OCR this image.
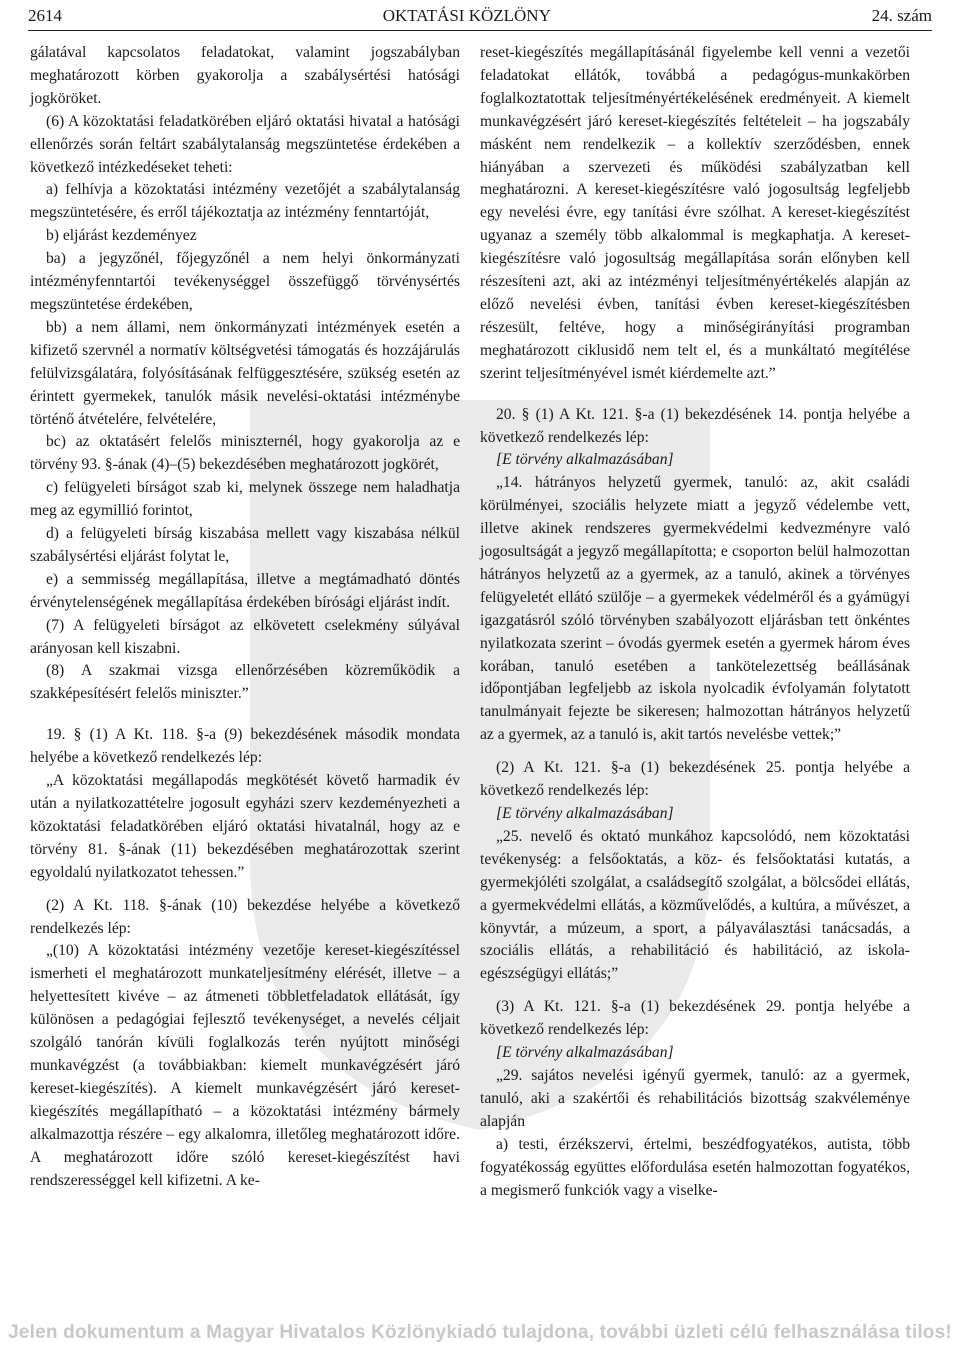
2614	OKTATÁSI KÖZLÖNY	24. szám

gálatával kapcsolatos feladatokat, valamint jogszabályban meghatározott körben gyakorolja a szabálysértési hatósági jogköröket.

(6) A közoktatási feladatkörében eljáró oktatási hivatal a hatósági ellenőrzés során feltárt szabálytalanság megszüntetése érdekében a következő intézkedéseket teheti:

a) felhívja a közoktatási intézmény vezetőjét a szabálytalanság megszüntetésére, és erről tájékoztatja az intézmény fenntartóját,

b) eljárást kezdeményez

ba) a jegyzőnél, főjegyzőnél a nem helyi önkormányzati intézményfenntartói tevékenységgel összefüggő törvénysértés megszüntetése érdekében,

bb) a nem állami, nem önkormányzati intézmények esetén a kifizető szervnél a normatív költségvetési támogatás és hozzájárulás felülvizsgálatára, folyósításának felfüggesztésére, szükség esetén az érintett gyermekek, tanulók másik nevelési-oktatási intézménybe történő átvételére, felvételére,

bc) az oktatásért felelős miniszternél, hogy gyakorolja az e törvény 93. §-ának (4)–(5) bekezdésében meghatározott jogkörét,

c) felügyeleti bírságot szab ki, melynek összege nem haladhatja meg az egymillió forintot,

d) a felügyeleti bírság kiszabása mellett vagy kiszabása nélkül szabálysértési eljárást folytat le,

e) a semmisség megállapítása, illetve a megtámadható döntés érvénytelenségének megállapítása érdekében bírósági eljárást indít.

(7) A felügyeleti bírságot az elkövetett cselekmény súlyával arányosan kell kiszabni.

(8) A szakmai vizsga ellenőrzésében közreműködik a szakképesítésért felelős miniszter.”

19. § (1) A Kt. 118. §-a (9) bekezdésének második mondata helyébe a következő rendelkezés lép:

„A közoktatási megállapodás megkötését követő harmadik év után a nyilatkozattételre jogosult egyházi szerv kezdeményezheti a közoktatási feladatkörében eljáró oktatási hivatalnál, hogy az e törvény 81. §-ának (11) bekezdésében meghatározottak szerint egyoldalú nyilatkozatot tehessen.”

(2) A Kt. 118. §-ának (10) bekezdése helyébe a következő rendelkezés lép:

„(10) A közoktatási intézmény vezetője kereset-kiegészítéssel ismerheti el meghatározott munkateljesítmény elérését, illetve – a helyettesített kivéve – az átmeneti többletfeladatok ellátását, így különösen a pedagógiai fejlesztő tevékenységet, a nevelés céljait szolgáló tanórán kívüli foglalkozás terén nyújtott minőségi munkavégzést (a továbbiakban: kiemelt munkavégzésért járó kereset-kiegészítés). A kiemelt munkavégzésért járó kereset-kiegészítés megállapítható – a közoktatási intézmény bármely alkalmazottja részére – egy alkalomra, illetőleg meghatározott időre. A meghatározott időre szóló kereset-kiegészítést havi rendszerességgel kell kifizetni. A ke-

reset-kiegészítés megállapításánál figyelembe kell venni a vezetői feladatokat ellátók, továbbá a pedagógus-munkakörben foglalkoztatottak teljesítményértékelésének eredményeit. A kiemelt munkavégzésért járó kereset-kiegészítés feltételeit – ha jogszabály másként nem rendelkezik – a kollektív szerződésben, ennek hiányában a szervezeti és működési szabályzatban kell meghatározni. A kereset-kiegészítésre való jogosultság legfeljebb egy nevelési évre, egy tanítási évre szólhat. A kereset-kiegészítést ugyanaz a személy több alkalommal is megkaphatja. A kereset-kiegészítésre való jogosultság megállapítása során előnyben kell részesíteni azt, aki az intézményi teljesítményértékelés alapján az előző nevelési évben, tanítási évben kereset-kiegészítésben részesült, feltéve, hogy a minőségirányítási programban meghatározott ciklusidő nem telt el, és a munkáltató megítélése szerint teljesítményével ismét kiérdemelte azt.”

20. § (1) A Kt. 121. §-a (1) bekezdésének 14. pontja helyébe a következő rendelkezés lép:

[E törvény alkalmazásában]

„14. hátrányos helyzetű gyermek, tanuló: az, akit családi körülményei, szociális helyzete miatt a jegyző védelembe vett, illetve akinek rendszeres gyermekvédelmi kedvezményre való jogosultságát a jegyző megállapította; e csoporton belül halmozottan hátrányos helyzetű az a gyermek, az a tanuló, akinek a törvényes felügyeletét ellátó szülője – a gyermekek védelméről és a gyámügyi igazgatásról szóló törvényben szabályozott eljárásban tett önkéntes nyilatkozata szerint – óvodás gyermek esetén a gyermek három éves korában, tanuló esetében a tankötelezettség beállásának időpontjában legfeljebb az iskola nyolcadik évfolyamán folytatott tanulmányait fejezte be sikeresen; halmozottan hátrányos helyzetű az a gyermek, az a tanuló is, akit tartós nevelésbe vettek;”

(2) A Kt. 121. §-a (1) bekezdésének 25. pontja helyébe a következő rendelkezés lép:

[E törvény alkalmazásában]

„25. nevelő és oktató munkához kapcsolódó, nem közoktatási tevékenység: a felsőoktatás, a köz- és felsőoktatási kutatás, a gyermekjóléti szolgálat, a családsegítő szolgálat, a bölcsődei ellátás, a gyermekvédelmi ellátás, a közművelődés, a kultúra, a művészet, a könyvtár, a múzeum, a sport, a pályaválasztási tanácsadás, a szociális ellátás, a rehabilitáció és habilitáció, az iskola-egészségügyi ellátás;”

(3) A Kt. 121. §-a (1) bekezdésének 29. pontja helyébe a következő rendelkezés lép:

[E törvény alkalmazásában]

„29. sajátos nevelési igényű gyermek, tanuló: az a gyermek, tanuló, aki a szakértői és rehabilitációs bizottság szakvéleménye alapján

a) testi, érzékszervi, értelmi, beszédfogyatékos, autista, több fogyatékosság együttes előfordulása esetén halmozottan fogyatékos, a megismerő funkciók vagy a viselke-

Jelen dokumentum a Magyar Hivatalos Közlönykiadó tulajdona, további üzleti célú felhasználása tilos!
